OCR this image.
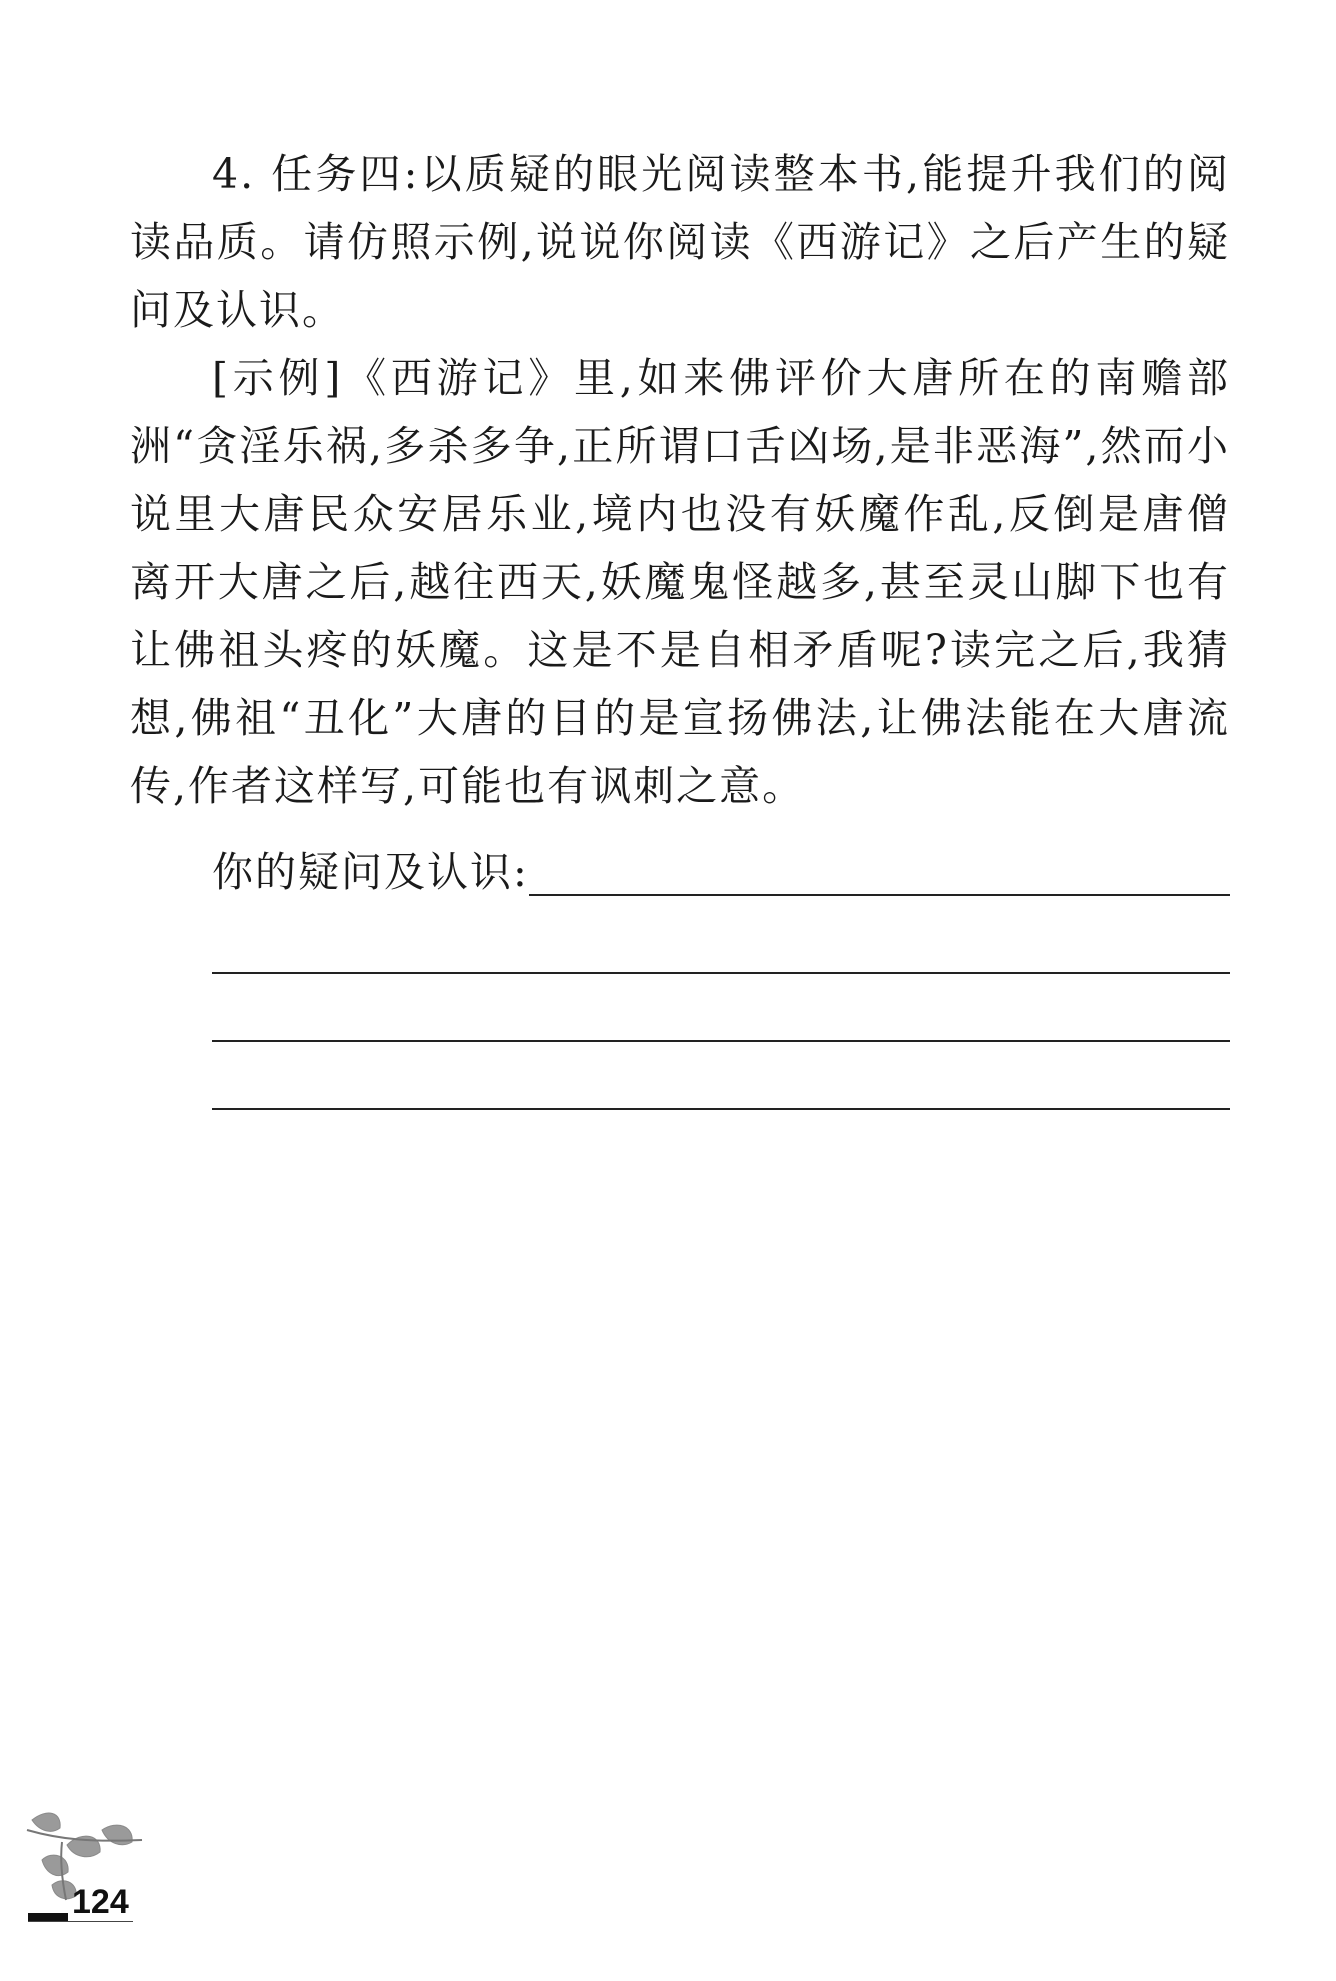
4. 任务四:以质疑的眼光阅读整本书,能提升我们的阅读品质。请仿照示例,说说你阅读《西游记》之后产生的疑问及认识。

[示例]《西游记》里,如来佛评价大唐所在的南赡部洲“贪淫乐祸,多杀多争,正所谓口舌凶场,是非恶海”,然而小说里大唐民众安居乐业,境内也没有妖魔作乱,反倒是唐僧离开大唐之后,越往西天,妖魔鬼怪越多,甚至灵山脚下也有让佛祖头疼的妖魔。这是不是自相矛盾呢?读完之后,我猜想,佛祖“丑化”大唐的目的是宣扬佛法,让佛法能在大唐流传,作者这样写,可能也有讽刺之意。

你的疑问及认识:
124
